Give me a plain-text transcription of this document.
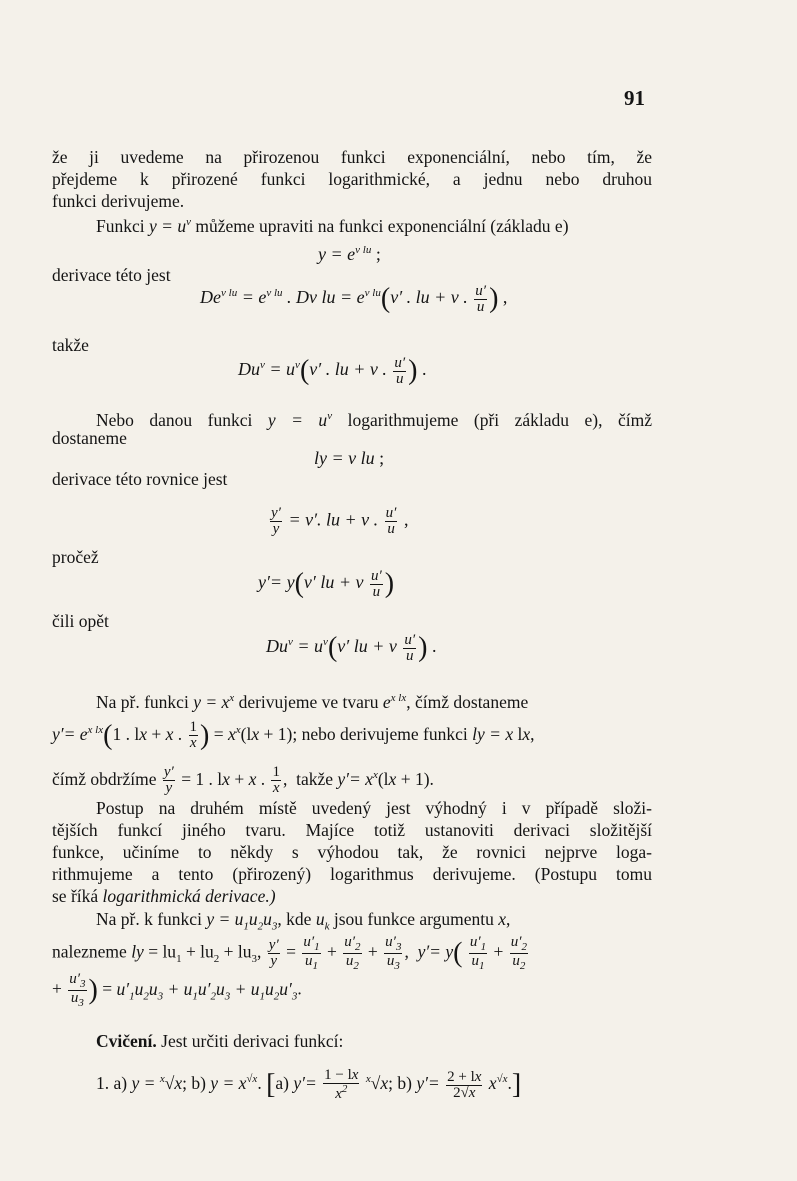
91
že ji uvedeme na přirozenou funkci exponenciální, nebo tím, že
přejdeme k přirozené funkci logarithmické, a jednu nebo druhou
funkci derivujeme.
Funkci $y = u^v$ můžeme upraviti na funkci exponenciální (základu e)
$y = e^{v lu}$ ;
derivace této jest
$De^{v lu} = e^{v lu}$ . Dv lu = $e^{v lu}(v'$ . lu + v . $\frac{u'}{u}$ ) ,
takže
$Du^v = u^v(v'$ . lu + v . $\frac{u'}{u}$ ) .
Nebo danou funkci $y = u^v$ logarithmujeme (při základu e), čímž
dostaneme
ly = v lu ;
derivace této rovnice jest
$\frac{y'}{y} = v'$. lu + v . $\frac{u'}{u}$ ,
pročež
y′= y(v′ lu + v $\frac{u'}{u}$ )
čili opět
$Du^v = u^v(v'$ lu + v $\frac{u'}{u}$ ) .
Na př. funkci $y = x^x$ derivujeme ve tvaru $e^{x lx}$, čímž dostaneme
$y'= e^{x lx}(1$ . lx + x . $\frac{1}{x}$ ) = $x^x(lx + 1)$; nebo derivujeme funkci ly = x lx,
čímž obdržíme $\frac{y'}{y} = 1$ . lx + x . $\frac{1}{x}$ ,  takže $y'= x^x(lx + 1)$.
Postup na druhém místě uvedený jest výhodný i v případě složi-
tějších funkcí jiného tvaru. Majíce totiž ustanoviti derivaci složitější
funkce, učiníme to někdy s výhodou tak, že rovnici nejprve loga-
rithmujeme a tento (přirozený) logarithmus derivujeme. (Postupu tomu
se říká logarithmická derivace.)
Na př. k funkci $y = u_1u_2u_3$, kde $u_k$ jsou funkce argumentu x,
nalezneme ly = $lu_1 + lu_2 + lu_3$, $\frac{y'}{y} = \frac{u'_1}{u_1} + \frac{u'_2}{u_2} + \frac{u'_3}{u_3}$ ,  $y'= y( \frac{u'_1}{u_1} + \frac{u'_2}{u_2}$
+ $\frac{u'_3}{u_3}$ ) = $u'_1u_2u_3 + u_1u'_2u_3 + u_1u_2u'_3$.
Cvičení. Jest určiti derivaci funkcí:
1. a) y = $^x$√x; b) $y = x^{√x}$. [a) $y'= \frac{1 - lx}{x^2} ^x√x$; b) $y'= \frac{2 + lx}{2√x} x^{√x}$.]
